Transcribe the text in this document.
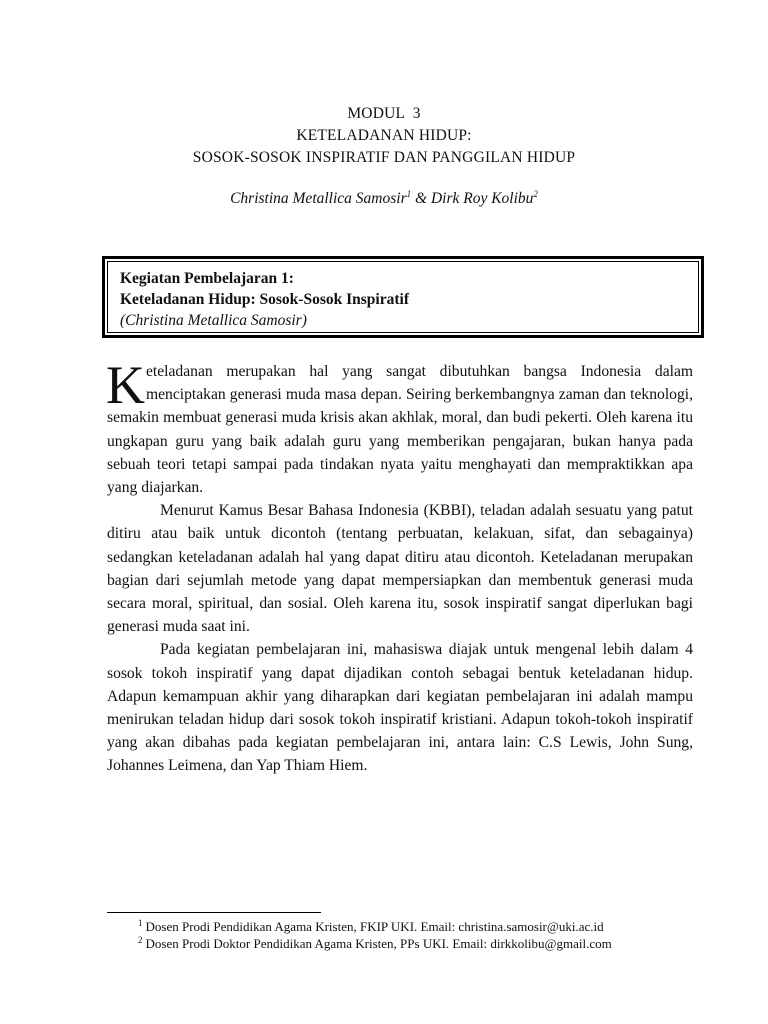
MODUL  3
KETELADANAN HIDUP:
SOSOK-SOSOK INSPIRATIF DAN PANGGILAN HIDUP
Christina Metallica Samosir$^1$ & Dirk Roy Kolibu$^2$
Kegiatan Pembelajaran 1:
Keteladanan Hidup: Sosok-Sosok Inspiratif
(Christina Metallica Samosir)

Keteladanan merupakan hal yang sangat dibutuhkan bangsa Indonesia dalam menciptakan generasi muda masa depan. Seiring berkembangnya zaman dan teknologi, semakin membuat generasi muda krisis akan akhlak, moral, dan budi pekerti. Oleh karena itu ungkapan guru yang baik adalah guru yang memberikan pengajaran, bukan hanya pada sebuah teori tetapi sampai pada tindakan nyata yaitu menghayati dan mempraktikkan apa yang diajarkan.

Menurut Kamus Besar Bahasa Indonesia (KBBI), teladan adalah sesuatu yang patut ditiru atau baik untuk dicontoh (tentang perbuatan, kelakuan, sifat, dan sebagainya) sedangkan keteladanan adalah hal yang dapat ditiru atau dicontoh. Keteladanan merupakan bagian dari sejumlah metode yang dapat mempersiapkan dan membentuk generasi muda secara moral, spiritual, dan sosial. Oleh karena itu, sosok inspiratif sangat diperlukan bagi generasi muda saat ini.

Pada kegiatan pembelajaran ini, mahasiswa diajak untuk mengenal lebih dalam 4 sosok tokoh inspiratif yang dapat dijadikan contoh sebagai bentuk keteladanan hidup. Adapun kemampuan akhir yang diharapkan dari kegiatan pembelajaran ini adalah mampu menirukan teladan hidup dari sosok tokoh inspiratif kristiani. Adapun tokoh-tokoh inspiratif yang akan dibahas pada kegiatan pembelajaran ini, antara lain: C.S Lewis, John Sung, Johannes Leimena, dan Yap Thiam Hiem.

$^1$ Dosen Prodi Pendidikan Agama Kristen, FKIP UKI. Email: christina.samosir@uki.ac.id
$^2$ Dosen Prodi Doktor Pendidikan Agama Kristen, PPs UKI. Email: dirkkolibu@gmail.com
